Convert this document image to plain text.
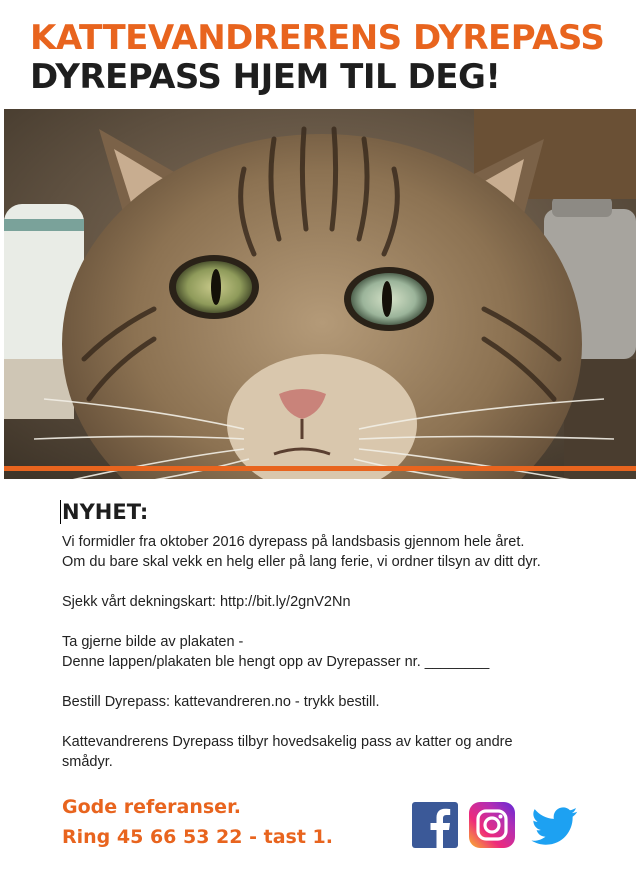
KATTEVANDRERENS DYREPASS
DYREPASS HJEM TIL DEG!
NYHET:

Vi formidler fra oktober 2016 dyrepass på landsbasis gjennom hele året.
Om du bare skal vekk en helg eller på lang ferie, vi ordner tilsyn av ditt dyr.

Sjekk vårt dekningskart: http://bit.ly/2gnV2Nn

Ta gjerne bilde av plakaten -
Denne lappen/plakaten ble hengt opp av Dyrepasser nr. ________

Bestill Dyrepass: kattevandreren.no - trykk bestill.

Kattevandrerens Dyrepass tilbyr hovedsakelig pass av katter og andre
smådyr.

Gode referanser.
Ring 45 66 53 22 - tast 1.
